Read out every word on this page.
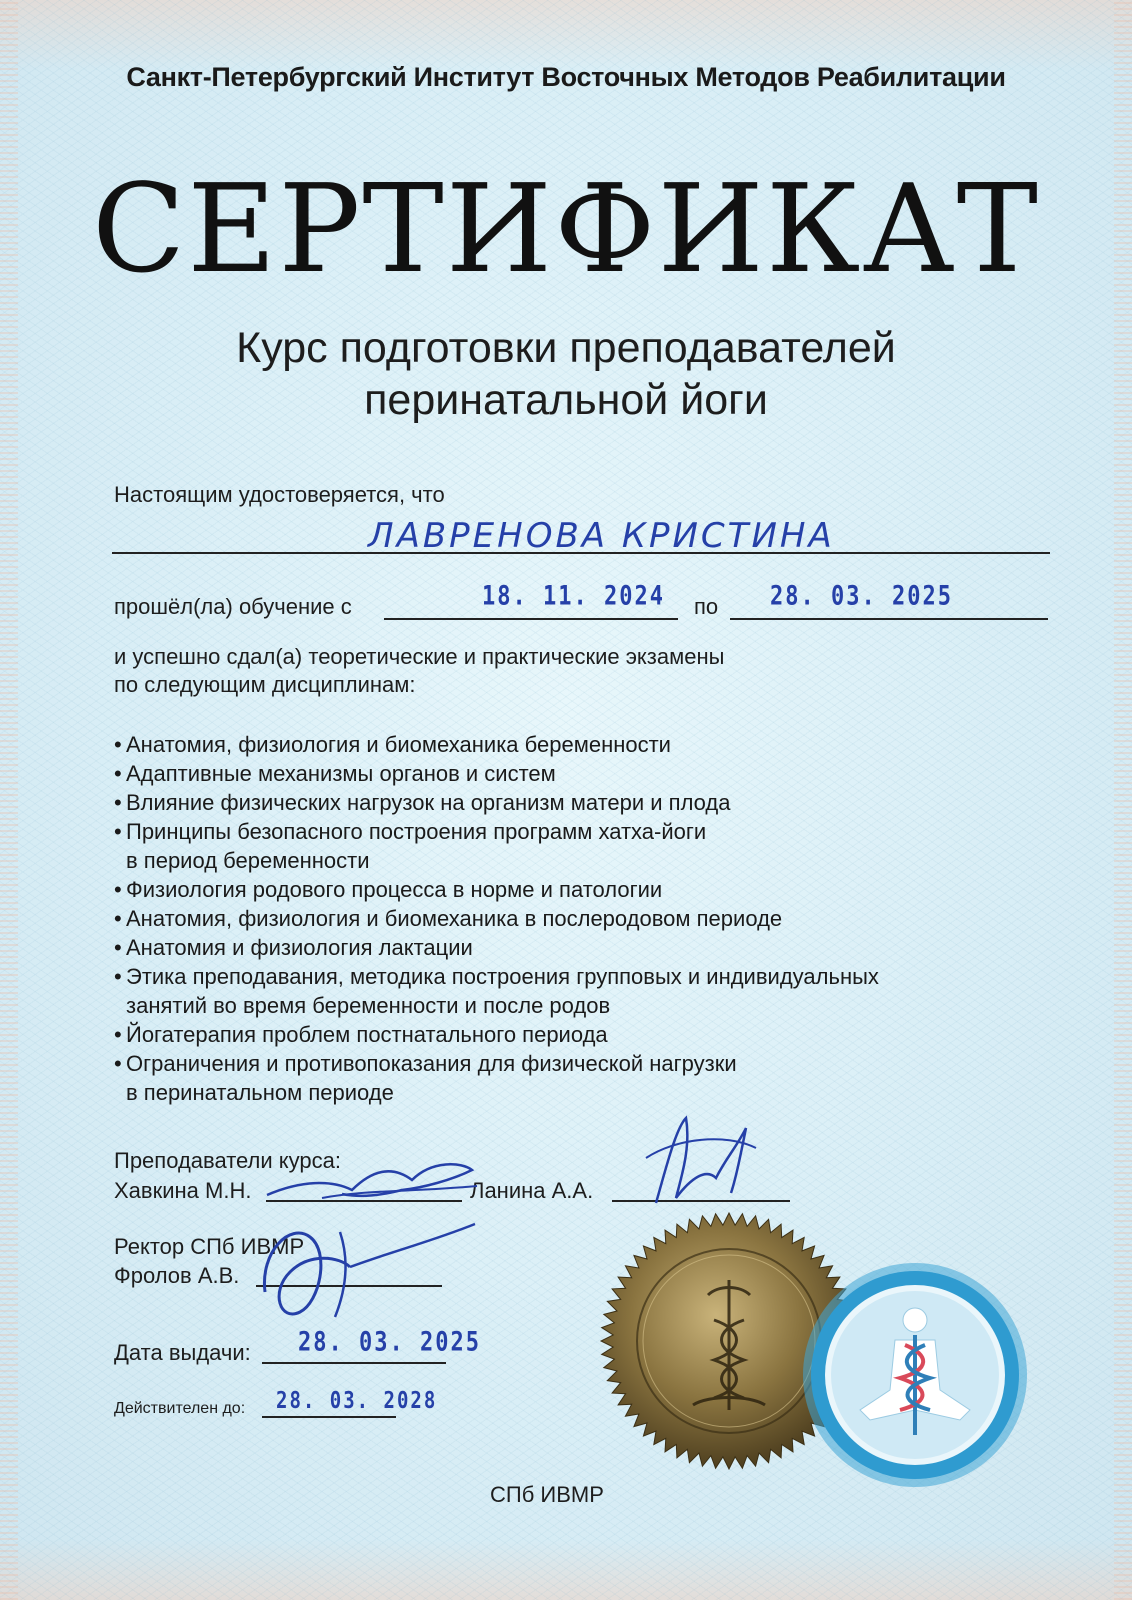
Санкт-Петербургский Институт Восточных Методов Реабилитации
СЕРТИФИКАТ
Курс подготовки преподавателей
перинатальной йоги
Настоящим удостоверяется, что
ЛАВРЕНОВА КРИСТИНА
прошёл(ла) обучение с	18. 11. 2024 по 28. 03. 2025
и успешно сдал(а) теоретические и практические экзамены
по следующим дисциплинам:
• Анатомия, физиология и биомеханика беременности
• Адаптивные механизмы органов и систем
• Влияние физических нагрузок на организм матери и плода
• Принципы безопасного построения программ хатха-йоги
в период беременности
• Физиология родового процесса в норме и патологии
• Анатомия, физиология и биомеханика в послеродовом периоде
• Анатомия и физиология лактации
• Этика преподавания, методика построения групповых и индивидуальных
занятий во время беременности и после родов
• Йогатерапия проблем постнатального периода
• Ограничения и противопоказания для физической нагрузки
в перинатальном периоде
Преподаватели курса:
Хавкина М.Н.	Ланина А.А.
Ректор СПб ИВМР
Фролов А.В.
Дата выдачи: 28. 03. 2025
Действителен до: 28. 03. 2028
СПб ИВМР
